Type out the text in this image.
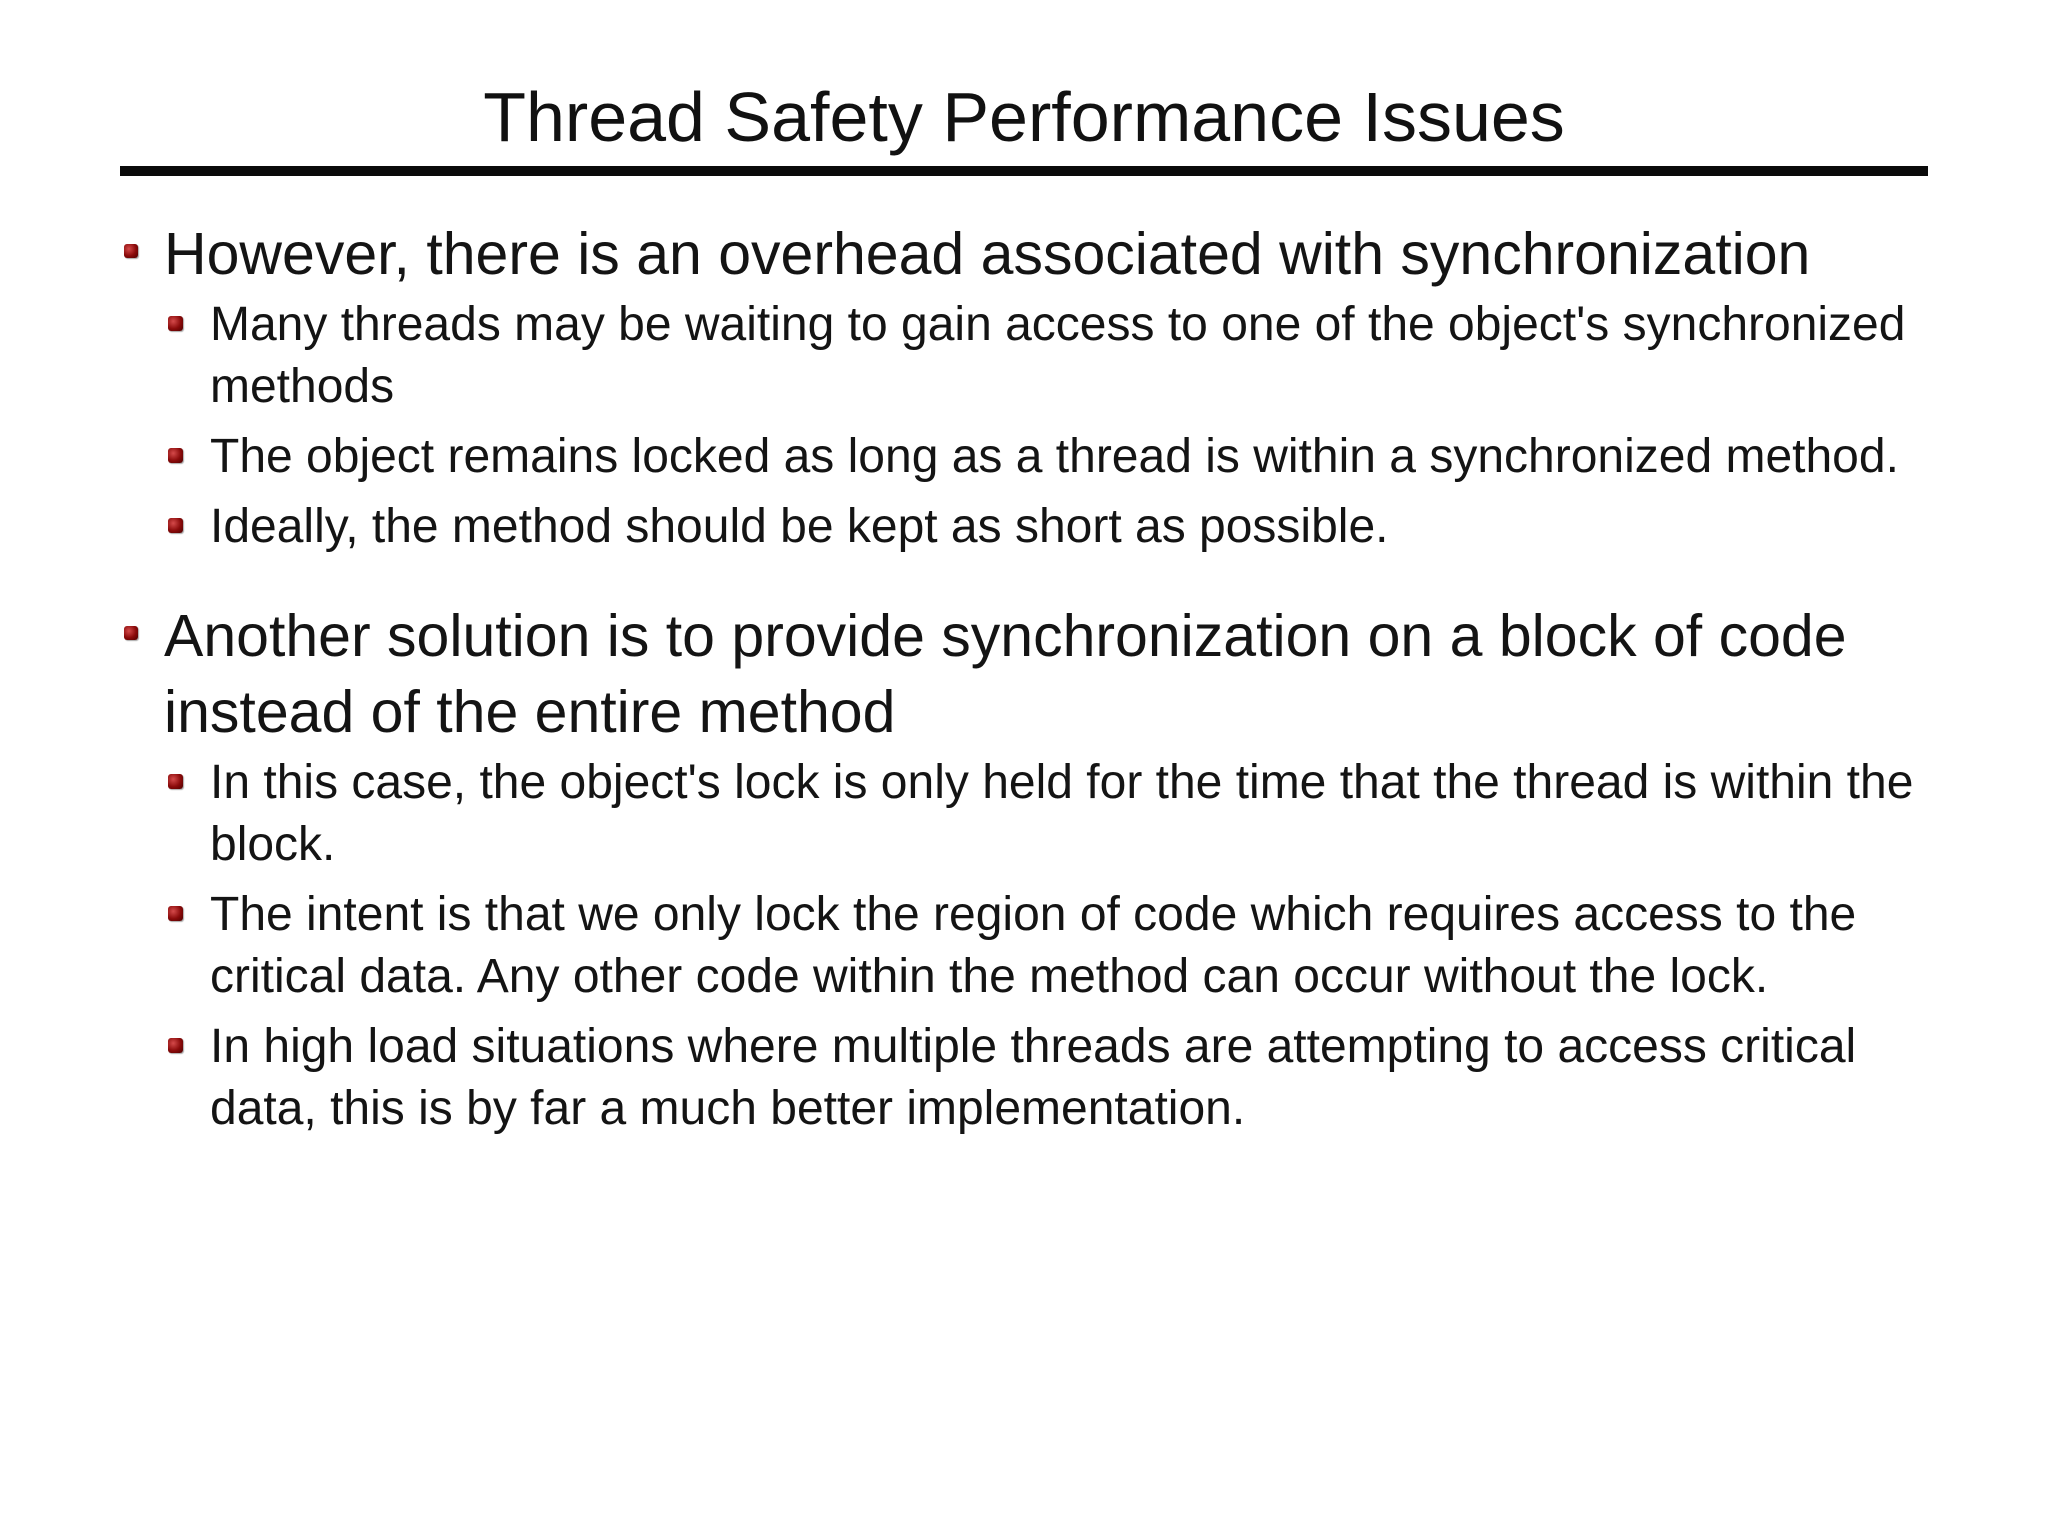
Thread Safety Performance Issues
However, there is an overhead associated with synchronization
Many threads may be waiting to gain access to one of the object's synchronized methods
The object remains locked as long as a thread is within a synchronized method.
Ideally, the method should be kept as short as possible.
Another solution is to provide synchronization on a block of code instead of the entire method
In this case, the object's lock is only held for the time that the thread is within the block.
The intent is that we only lock the region of code which requires access to the critical data. Any other code within the method can occur without the lock.
In high load situations where multiple threads are attempting to access critical data, this is by far a much better implementation.
